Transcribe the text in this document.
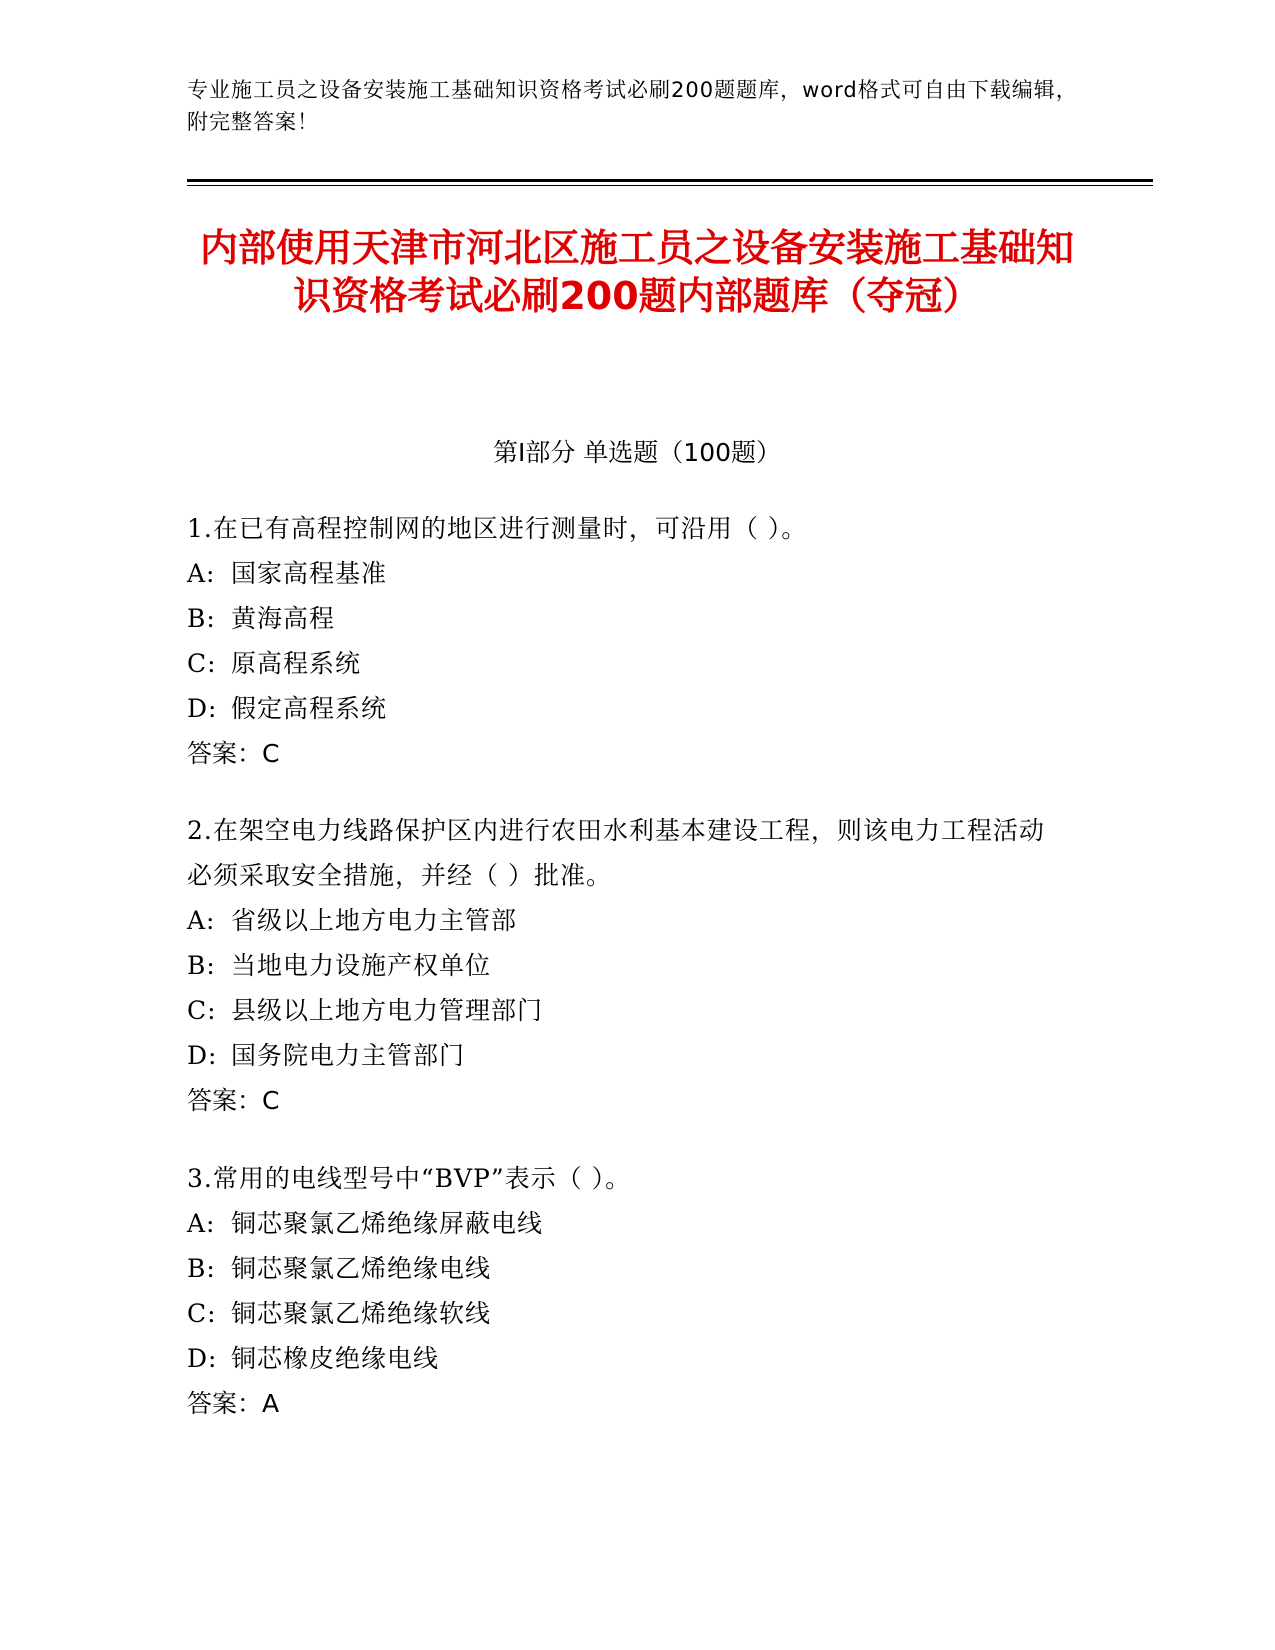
专业施工员之设备安装施工基础知识资格考试必刷200题题库，word格式可自由下载编辑，附完整答案！
内部使用天津市河北区施工员之设备安装施工基础知识资格考试必刷200题内部题库（夺冠）
第Ⅰ部分 单选题（100题）
1.在已有高程控制网的地区进行测量时，可沿用（ ）。
A: 国家高程基准
B: 黄海高程
C: 原高程系统
D: 假定高程系统
答案：C
2.在架空电力线路保护区内进行农田水利基本建设工程，则该电力工程活动必须采取安全措施，并经（ ）批准。
A: 省级以上地方电力主管部
B: 当地电力设施产权单位
C: 县级以上地方电力管理部门
D: 国务院电力主管部门
答案：C
3.常用的电线型号中“BVP”表示（ ）。
A: 铜芯聚氯乙烯绝缘屏蔽电线
B: 铜芯聚氯乙烯绝缘电线
C: 铜芯聚氯乙烯绝缘软线
D: 铜芯橡皮绝缘电线
答案：A
